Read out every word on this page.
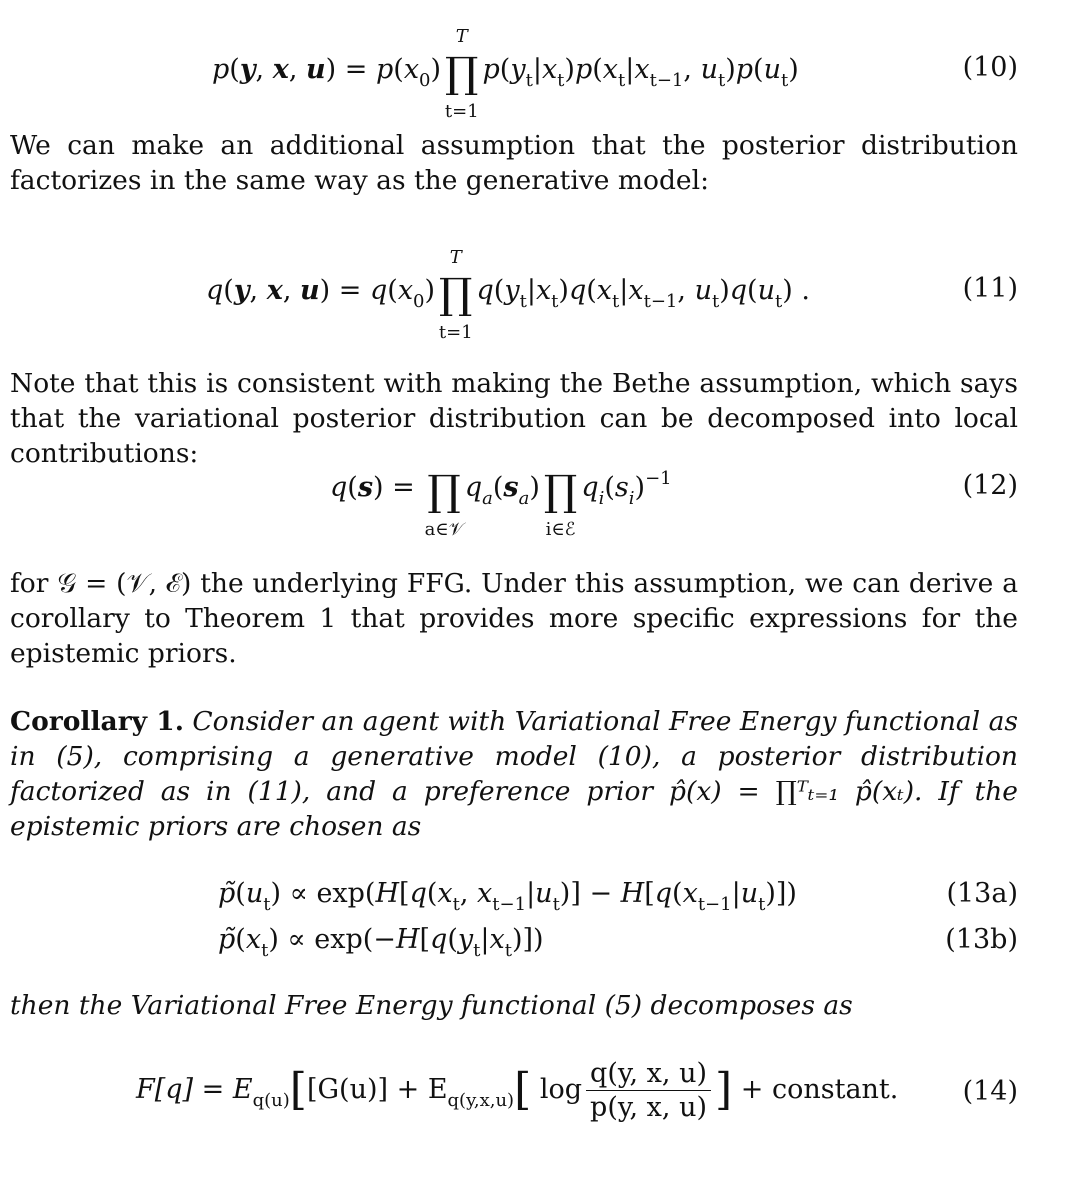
p(y, x, $u) = p(x_0)$
T
∏
t=1
$p(y_t|x_t)p(x_t|x_{t-1}$, $u_t)p(u_t)$	(10)

We can make an additional assumption that the posterior distribution factorizes in the same way as the generative model:

q(y, x, $u) = q(x_0)$
T
∏
t=1
$q(y_t|x_t)q(x_t|x_{t-1}$, $u_t)q(u_t)$ .	(11)

Note that this is consistent with making the Bethe assumption, which says that the variational posterior distribution can be decomposed into local contributions:

q(s) = ∏
a∈𝒱
$q_a(s_a)\prod$
i∈ℰ
$q_i(s_i)^{-1}$	(12)

for 𝒢 = (𝒱, ℰ) the underlying FFG. Under this assumption, we can derive a corollary to Theorem 1 that provides more specific expressions for the epistemic priors.

Corollary 1. Consider an agent with Variational Free Energy functional as in (5), comprising a generative model (10), a posterior distribution factorized as in (11), and a preference prior p̂(x) = ∏ᵀₜ₌₁ p̂(xₜ). If the epistemic priors are chosen as

$p̃(u_t) \propto \exp(H[q(x_t$, $x_{t-1}|u_t)] - H[q(x_{t-1}|u_t)]$)	(13a)
$p̃(x_t) \propto \exp(-H[q(y_t|x_t)])$	(13b)

then the Variational Free Energy functional (5) decomposes as

$F[q] = E_{q(u)}[[G(u)] + E_{q(y,x,u)}$[ $\log \frac{q(y, x, u)}{p(y, x, u)}$ ] + constant. (14)
